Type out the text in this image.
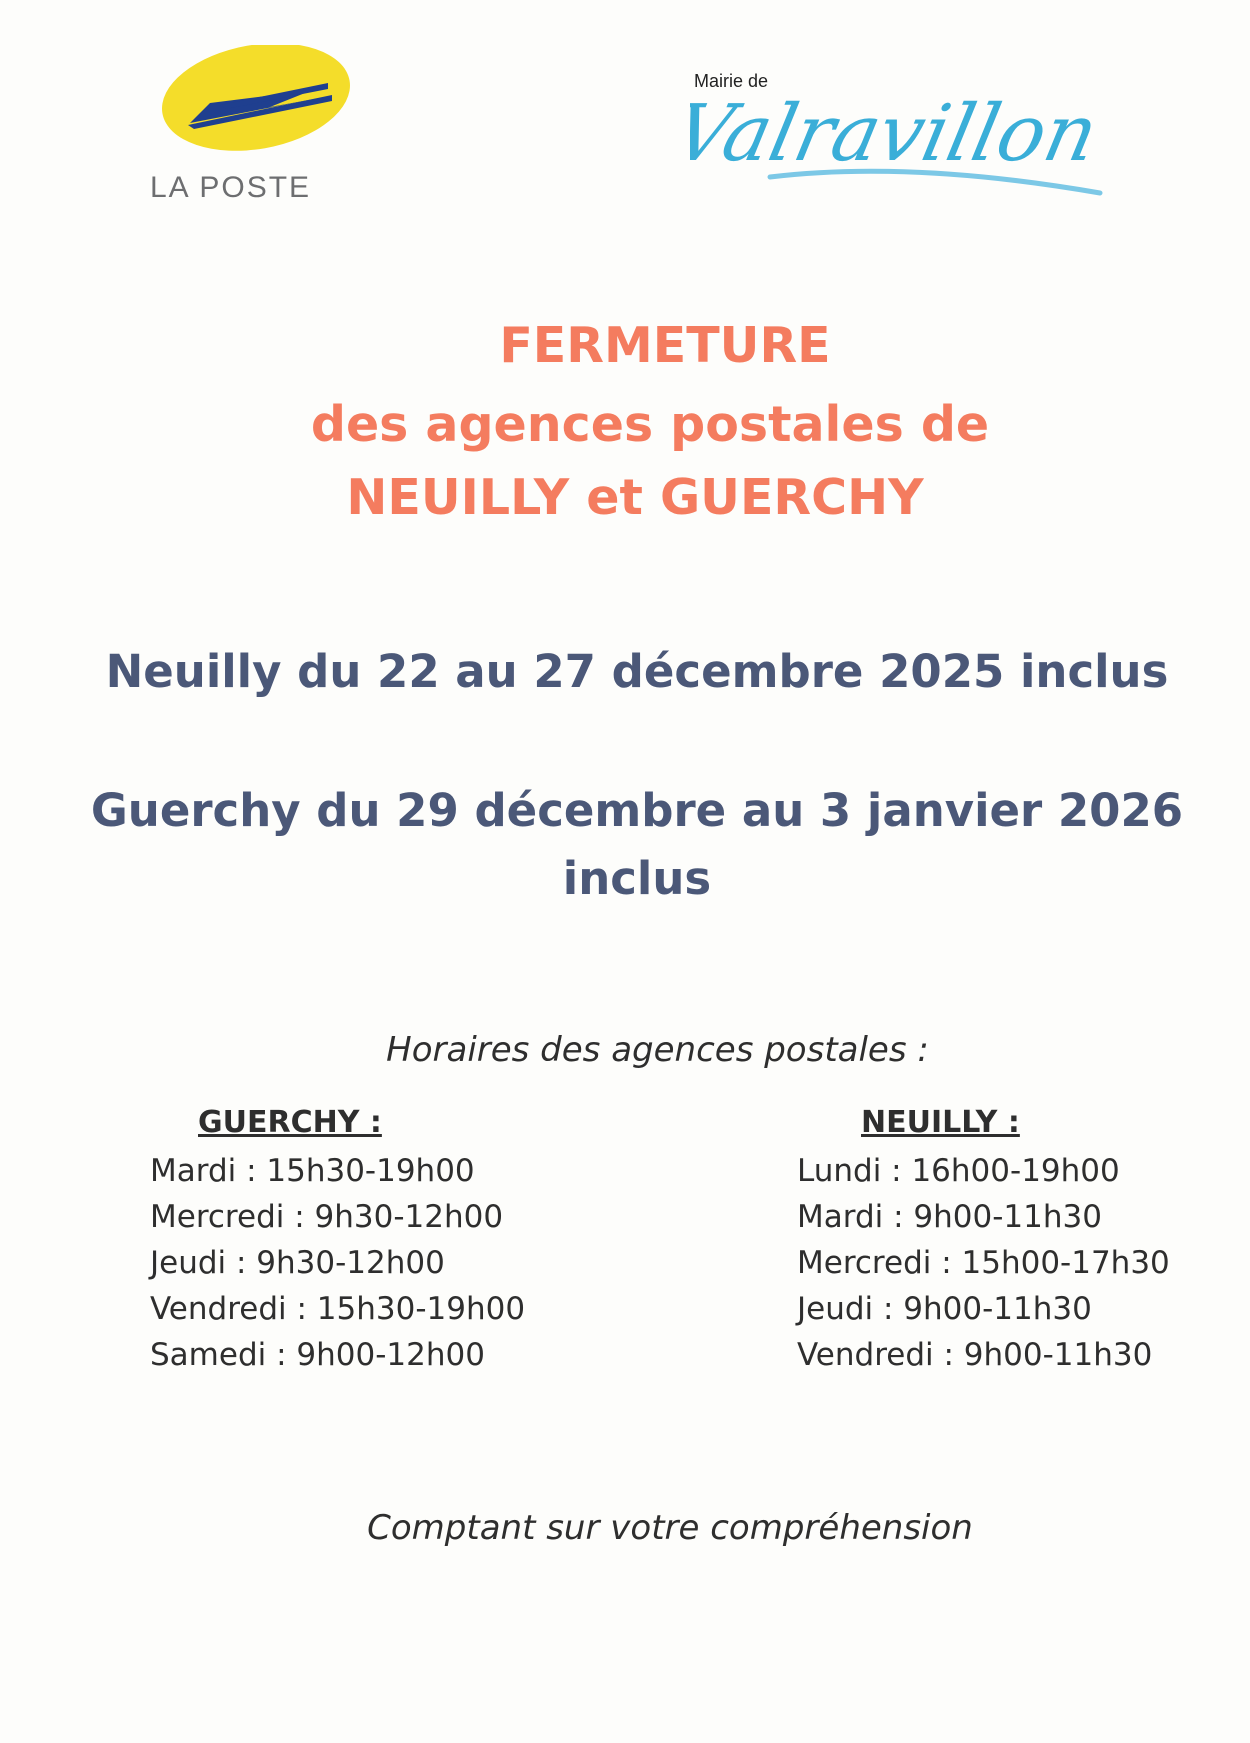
LA POSTE
Mairie de
Valravillon
FERMETURE
des agences postales de
NEUILLY et GUERCHY

Neuilly du 22 au 27 décembre 2025 inclus

Guerchy du 29 décembre au 3 janvier 2026

inclus

Horaires des agences postales :

GUERCHY :

Mardi : 15h30-19h00

Mercredi : 9h30-12h00

Jeudi : 9h30-12h00

Vendredi : 15h30-19h00

Samedi : 9h00-12h00

NEUILLY :

Lundi : 16h00-19h00

Mardi : 9h00-11h30

Mercredi : 15h00-17h30

Jeudi : 9h00-11h30

Vendredi : 9h00-11h30

Comptant sur votre compréhension
